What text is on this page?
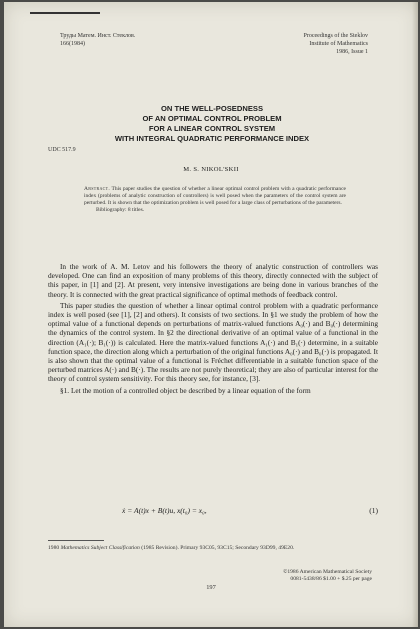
Труды Матем. Инст. Стеклов.
166(1984)
Proceedings of the Steklov
Institute of Mathematics
1986, Issue 1
ON THE WELL-POSEDNESS
OF AN OPTIMAL CONTROL PROBLEM
FOR A LINEAR CONTROL SYSTEM
WITH INTEGRAL QUADRATIC PERFORMANCE INDEX
UDC 517.9
M. S. NIKOL'SKII
Abstract. This paper studies the question of whether a linear optimal control problem with a quadratic performance index (problems of analytic construction of controllers) is well posed when the parameters of the control system are perturbed. It is shown that the optimization problem is well posed for a large class of perturbations of the parameters.
Bibliography: 8 titles.

In the work of A. M. Letov and his followers the theory of analytic construction of controllers was developed. One can find an exposition of many problems of this theory, directly connected with the subject of this paper, in [1] and [2]. At present, very intensive investigations are being done in various branches of the theory. It is connected with the great practical significance of optimal methods of feedback control.

This paper studies the question of whether a linear optimal control problem with a quadratic performance index is well posed (see [1], [2] and others). It consists of two sections. In §1 we study the problem of how the optimal value of a functional depends on perturbations of matrix-valued functions A₀(·) and B₀(·) determining the dynamics of the control system. In §2 the directional derivative of an optimal value of a functional in the direction (A₁(·); B₁(·)) is calculated. Here the matrix-valued functions A₁(·) and B₁(·) determine, in a suitable function space, the direction along which a perturbation of the original functions A₀(·) and B₀(·) is propagated. It is also shown that the optimal value of a functional is Fréchet differentiable in a suitable function space of the perturbed matrices A(·) and B(·). The results are not purely theoretical; they are also of particular interest for the theory of control system sensitivity. For this theory see, for instance, [3].

§1. Let the motion of a controlled object be described by a linear equation of the form

ẋ = A(t)x + B(t)u, x(t₀) = x₀,	(1)
1980 Mathematics Subject Classification (1985 Revision). Primary 93C05, 93C15; Secondary 93D99, 49E20.
©1986 American Mathematical Society
0081-5438/86 $1.00 + $.25 per page
197
